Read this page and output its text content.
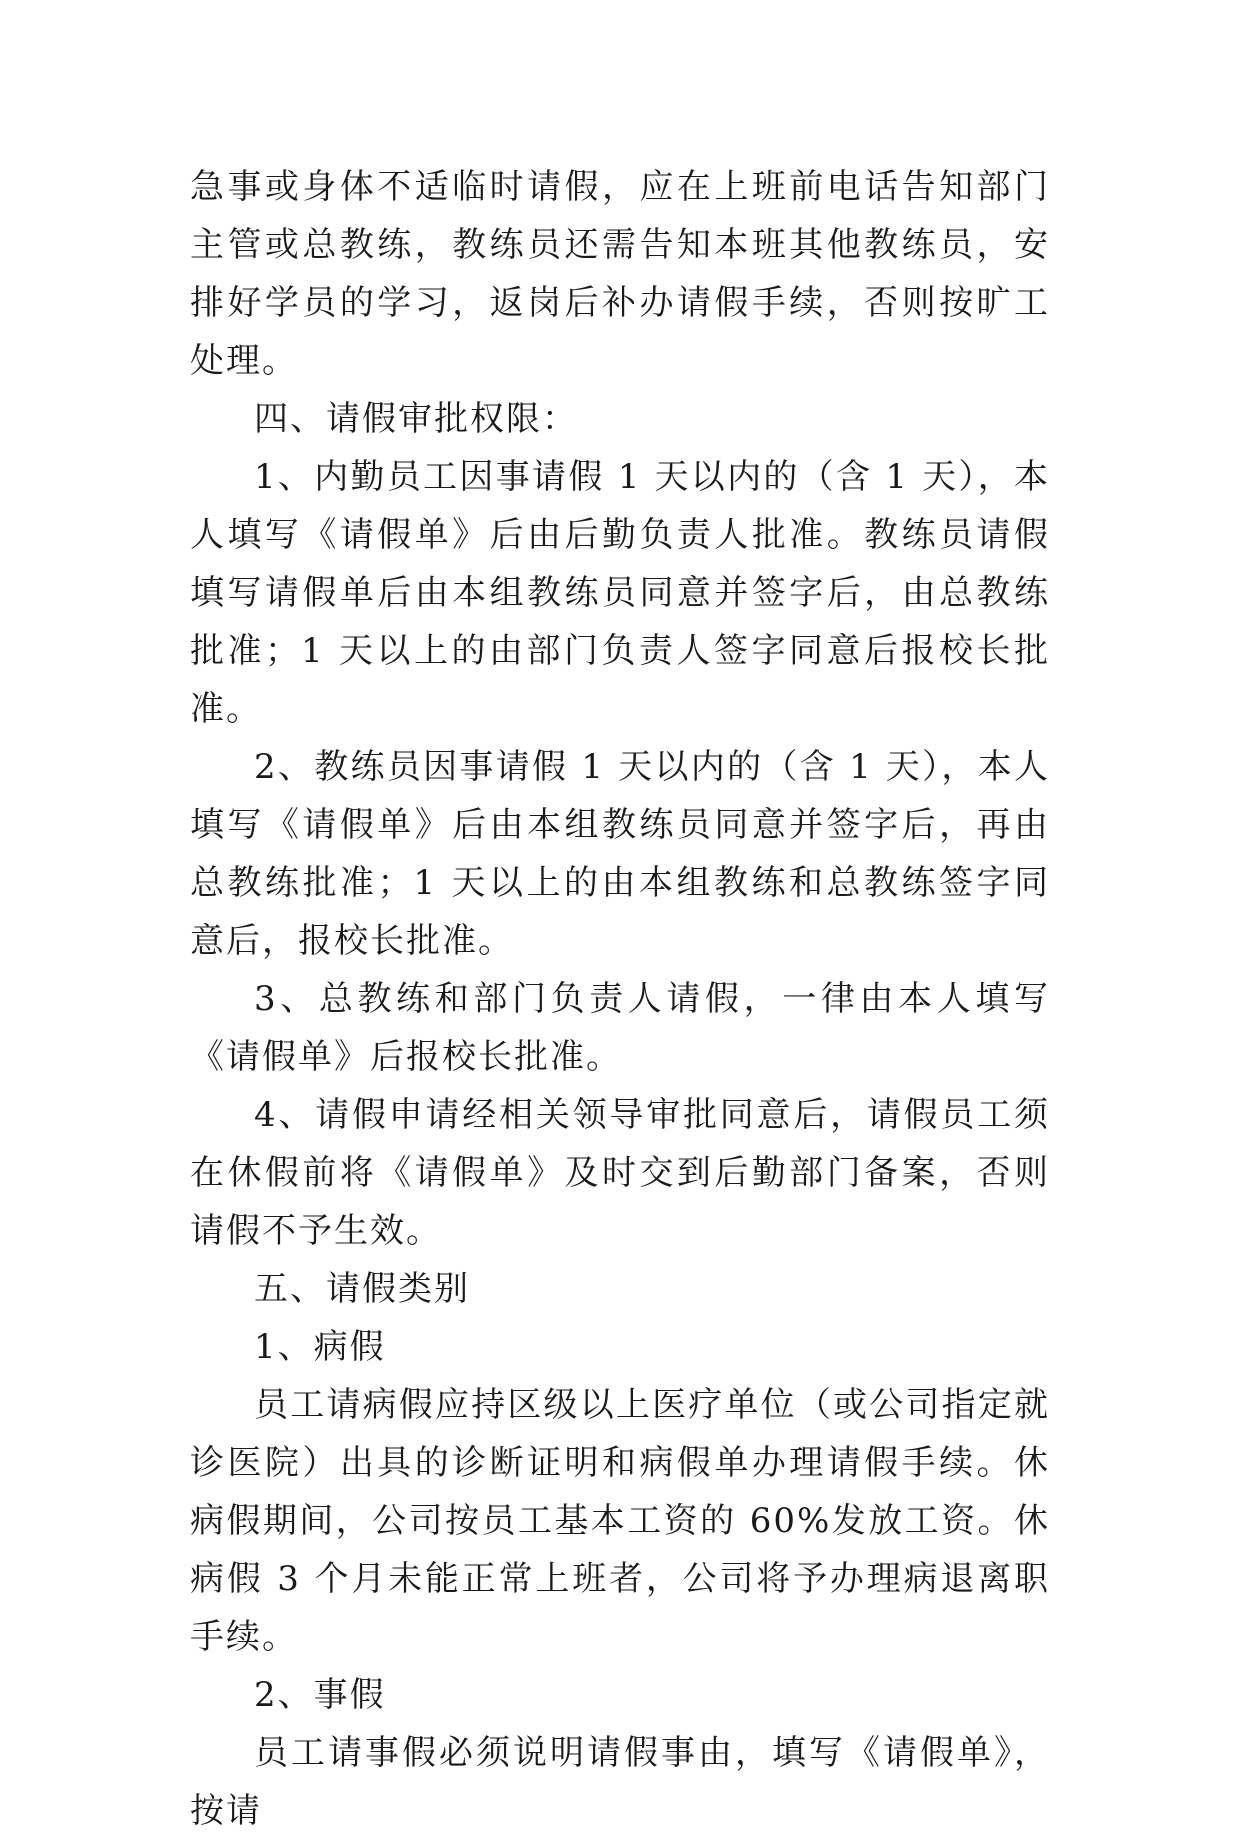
急事或身体不适临时请假，应在上班前电话告知部门主管或总教练，教练员还需告知本班其他教练员，安排好学员的学习，返岗后补办请假手续，否则按旷工处理。

四、请假审批权限：

1、内勤员工因事请假 1 天以内的（含 1 天），本人填写《请假单》后由后勤负责人批准。教练员请假填写请假单后由本组教练员同意并签字后，由总教练批准；1 天以上的由部门负责人签字同意后报校长批准。

2、教练员因事请假 1 天以内的（含 1 天），本人填写《请假单》后由本组教练员同意并签字后，再由总教练批准；1 天以上的由本组教练和总教练签字同意后，报校长批准。

3、总教练和部门负责人请假，一律由本人填写《请假单》后报校长批准。

4、请假申请经相关领导审批同意后，请假员工须在休假前将《请假单》及时交到后勤部门备案，否则请假不予生效。

五、请假类别

1、病假

员工请病假应持区级以上医疗单位（或公司指定就诊医院）出具的诊断证明和病假单办理请假手续。休病假期间，公司按员工基本工资的 60%发放工资。休病假 3 个月未能正常上班者，公司将予办理病退离职手续。

2、事假

员工请事假必须说明请假事由，填写《请假单》，按请
